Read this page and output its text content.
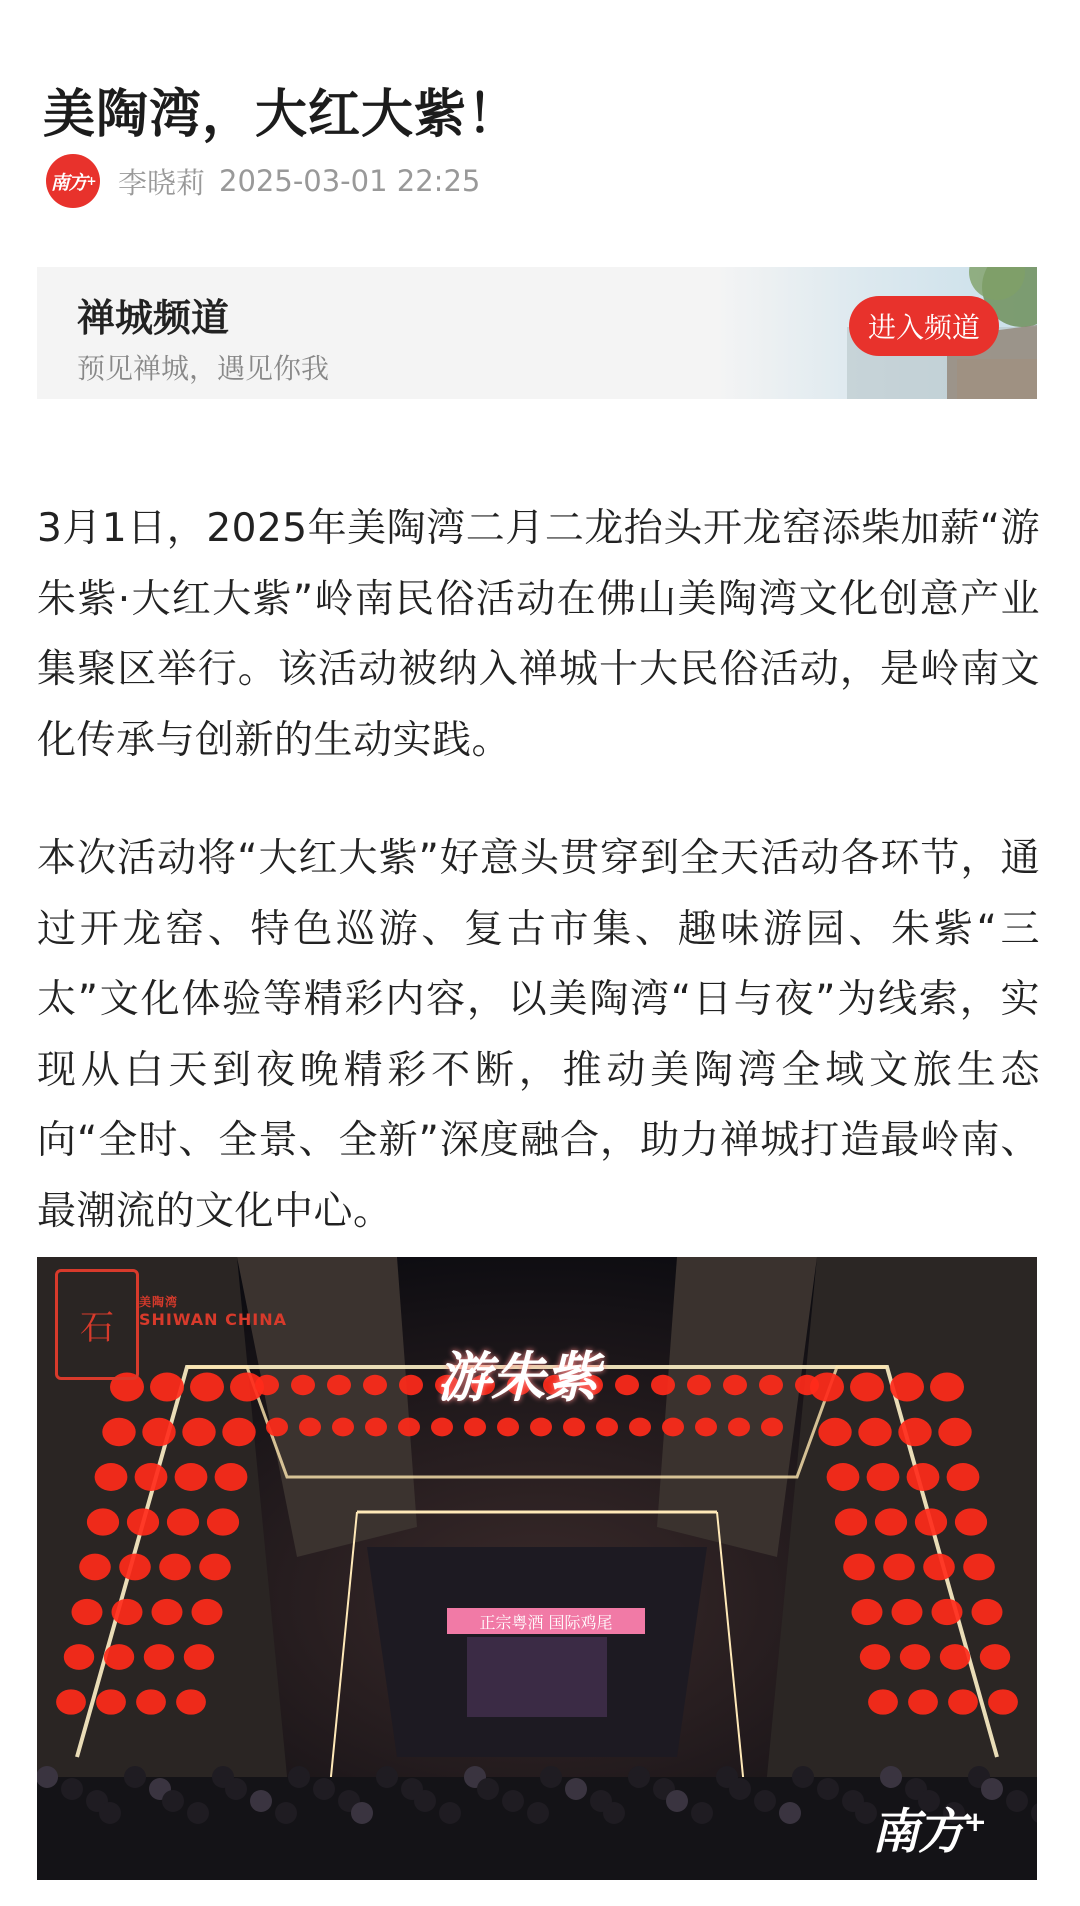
美陶湾，大红大紫！
南方 + 李晓莉 2025-03-01 22:25
禅城频道
预见禅城，遇见你我
进入频道

3月1日，2025年美陶湾二月二龙抬头开龙窑添柴加薪“游朱紫·大红大紫”岭南民俗活动在佛山美陶湾文化创意产业集聚区举行。该活动被纳入禅城十大民俗活动，是岭南文化传承与创新的生动实践。

本次活动将“大红大紫”好意头贯穿到全天活动各环节，通过开龙窑、特色巡游、复古市集、趣味游园、朱紫“三太”文化体验等精彩内容，以美陶湾“日与夜”为线索，实现从白天到夜晚精彩不断，推动美陶湾全域文旅生态向“全时、全景、全新”深度融合，助力禅城打造最岭南、最潮流的文化中心。

石
美陶湾
SHIWAN CHINA
游朱紫
正宗粤酒 国际鸡尾
南方+
